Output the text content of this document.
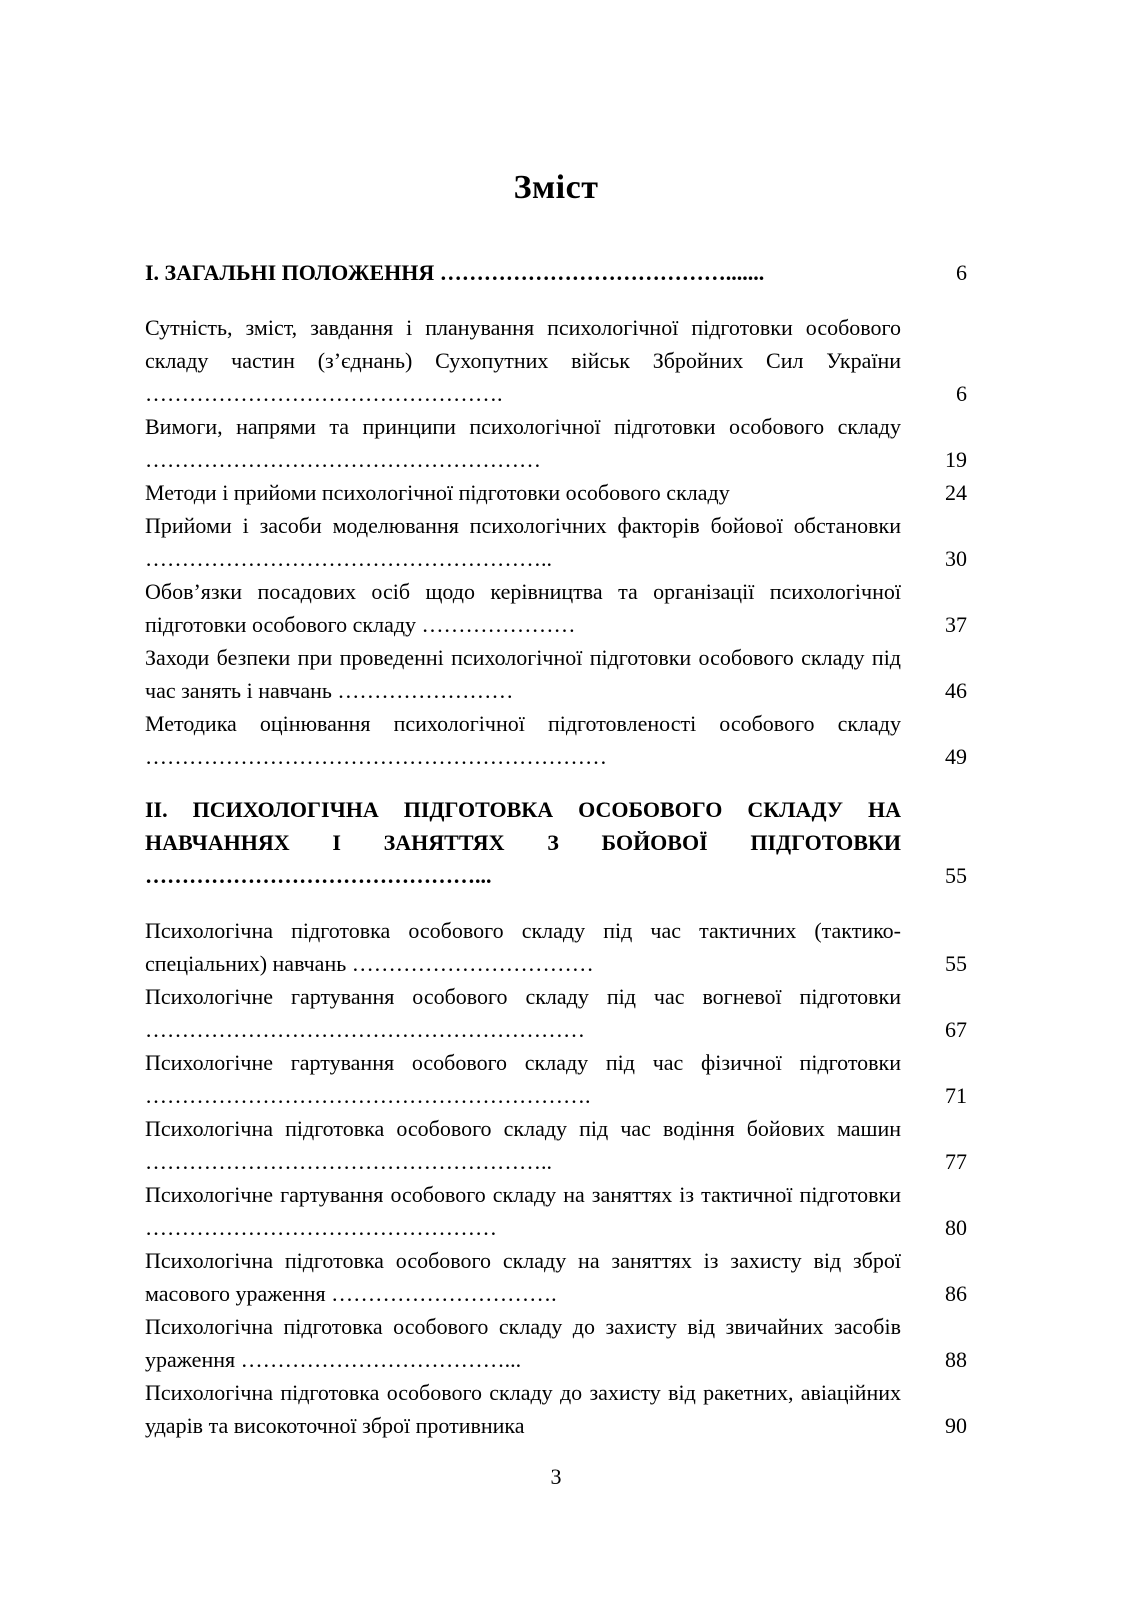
Зміст
I. ЗАГАЛЬНІ ПОЛОЖЕННЯ ………………………………….......	6
Сутність, зміст, завдання і планування психологічної підготовки особового складу частин (з’єднань) Сухопутних військ Збройних Сил України ………………………………………….	6
Вимоги, напрями та принципи психологічної підготовки особового складу ………………………………………………	19
Методи і прийоми психологічної підготовки особового складу	24
Прийоми і засоби моделювання психологічних факторів бойової обстановки ………………………………………………..	30
Обов’язки посадових осіб щодо керівництва та організації психологічної підготовки особового складу …………………	37
Заходи безпеки при проведенні психологічної підготовки особового складу під час занять і навчань ……………………	46
Методика оцінювання психологічної підготовленості особового складу ………………………………………………………	49
II. ПСИХОЛОГІЧНА ПІДГОТОВКА ОСОБОВОГО СКЛАДУ НА НАВЧАННЯХ І ЗАНЯТТЯХ З БОЙОВОЇ ПІДГОТОВКИ ………………………………………...	55
Психологічна підготовка особового складу під час тактичних (тактико-спеціальних) навчань ……………………………	55
Психологічне гартування особового складу під час вогневої підготовки ……………………………………………………	67
Психологічне гартування особового складу під час фізичної підготовки …………………………………………………….	71
Психологічна підготовка особового складу під час водіння бойових машин ………………………………………………..	77
Психологічне гартування особового складу на заняттях із тактичної підготовки …………………………………………	80
Психологічна підготовка особового складу на заняттях із захисту від зброї масового ураження ………………………….	86
Психологічна підготовка особового складу до захисту від звичайних засобів ураження ………………………………...	88
Психологічна підготовка особового складу до захисту від ракетних, авіаційних ударів та високоточної зброї противника	90
3
